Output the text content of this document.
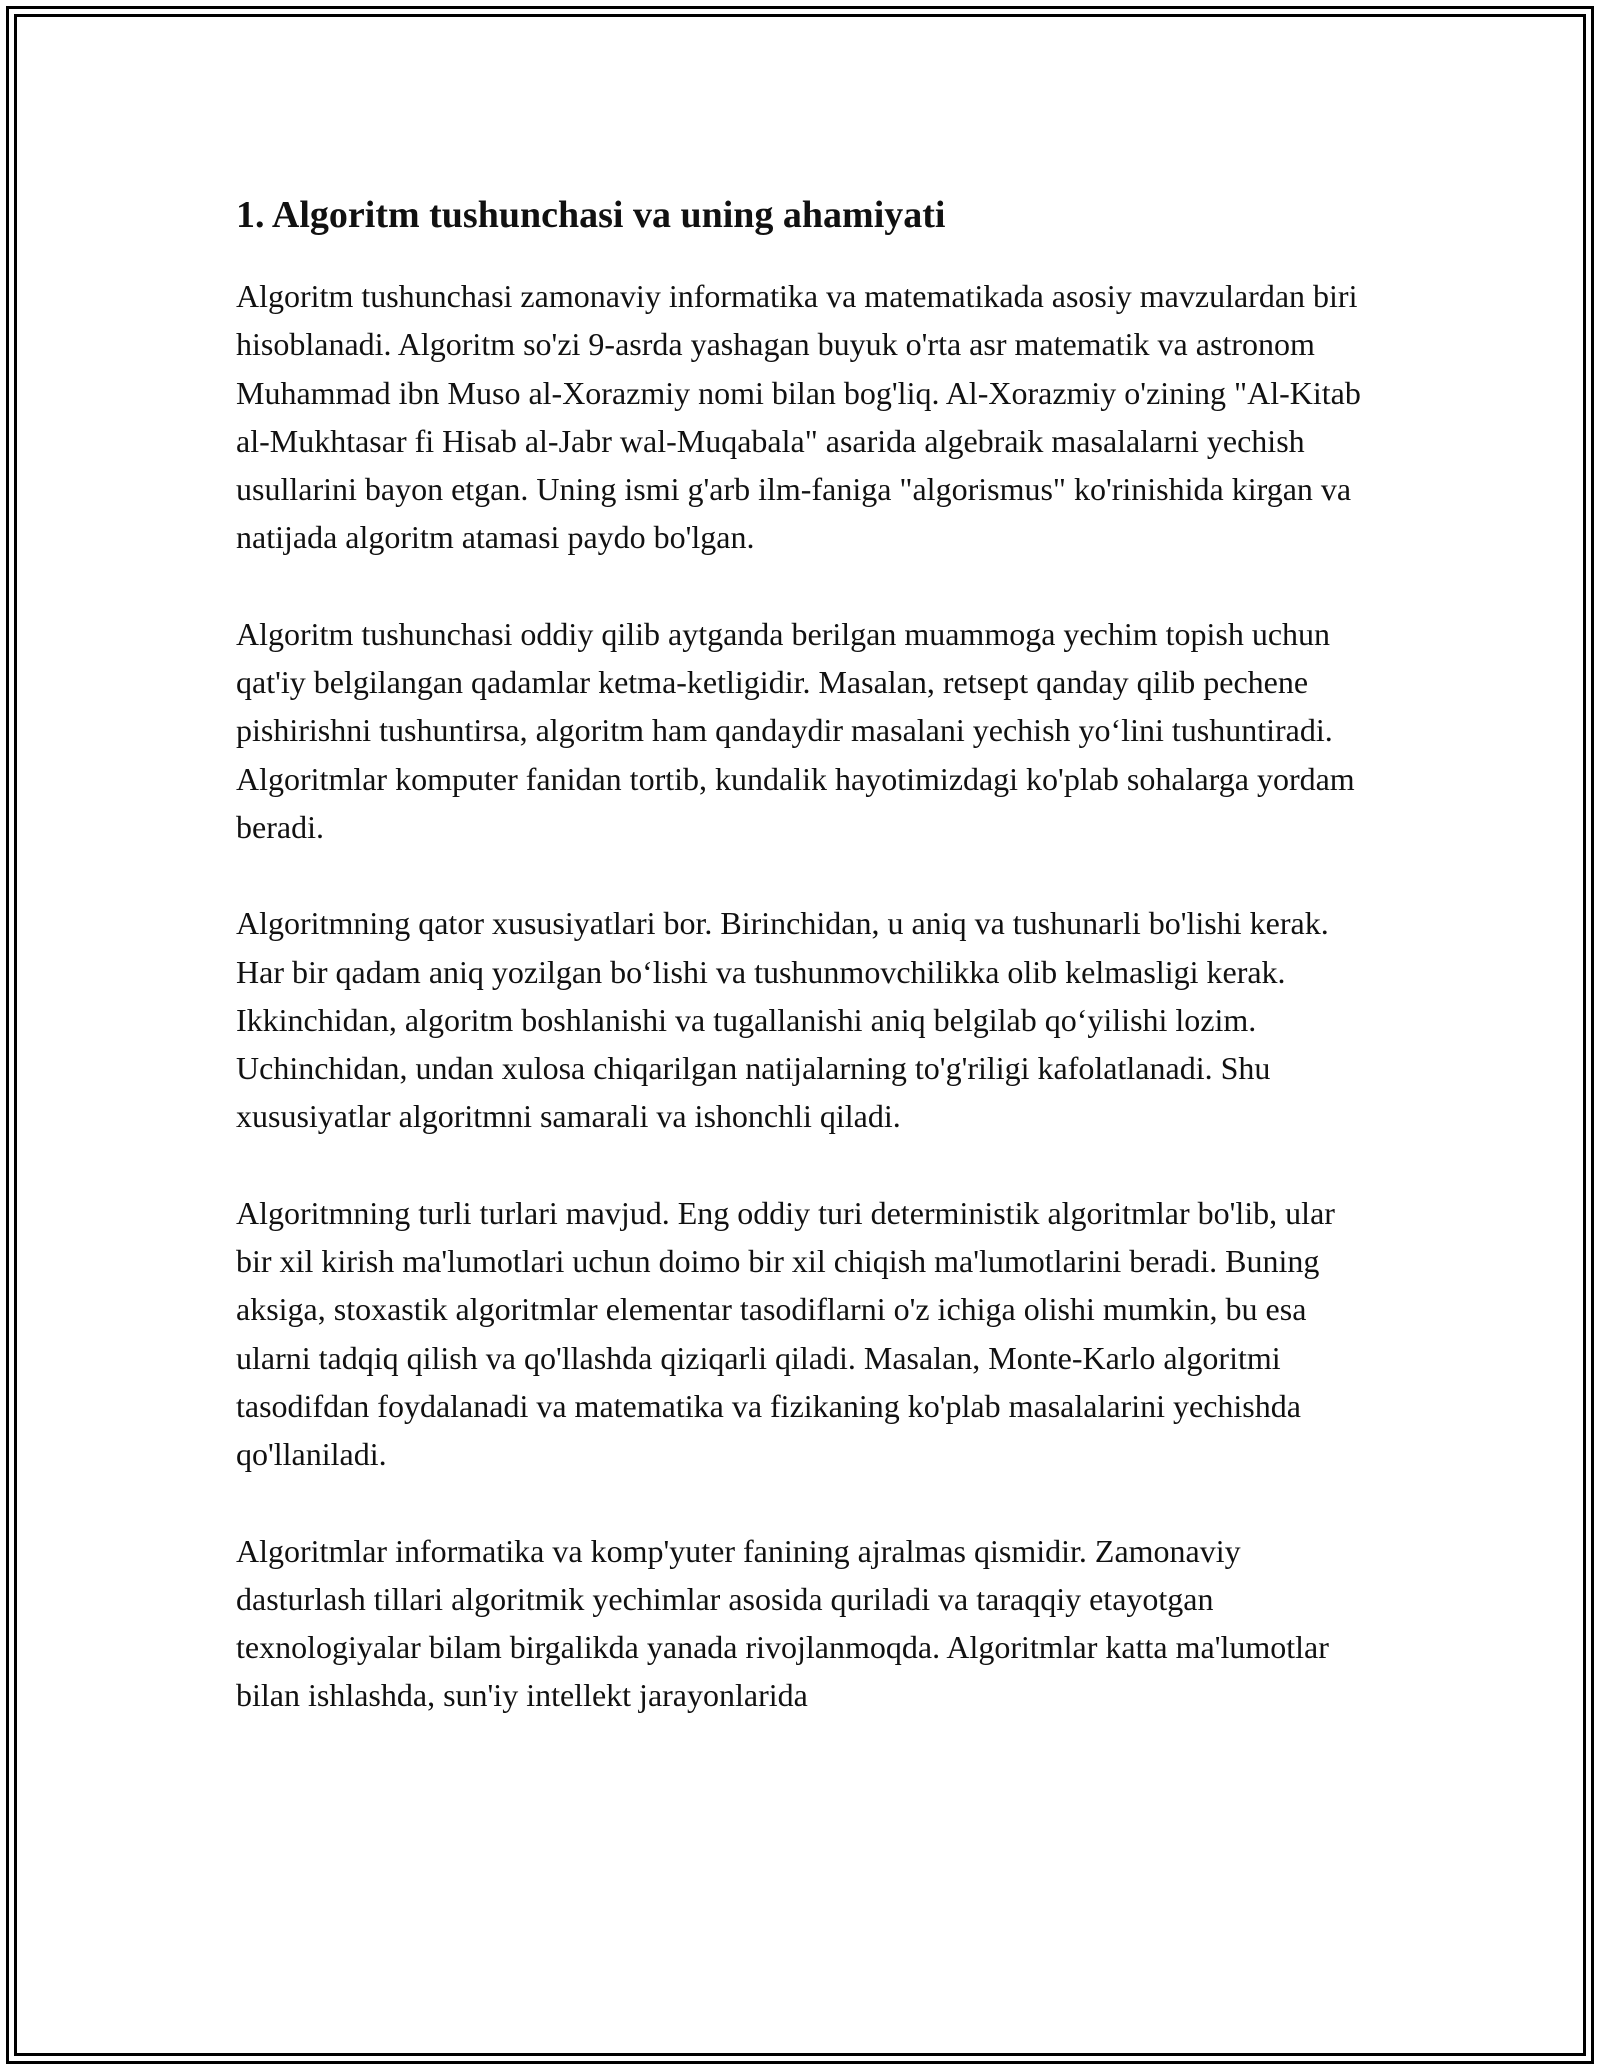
1. Algoritm tushunchasi va uning ahamiyati

Algoritm tushunchasi zamonaviy informatika va matematikada asosiy mavzulardan biri hisoblanadi. Algoritm so'zi 9-asrda yashagan buyuk o'rta asr matematik va astronom Muhammad ibn Muso al-Xorazmiy nomi bilan bog'liq. Al-Xorazmiy o'zining "Al-Kitab al-Mukhtasar fi Hisab al-Jabr wal-Muqabala" asarida algebraik masalalarni yechish usullarini bayon etgan. Uning ismi g'arb ilm-faniga "algorismus" ko'rinishida kirgan va natijada algoritm atamasi paydo bo'lgan.

Algoritm tushunchasi oddiy qilib aytganda berilgan muammoga yechim topish uchun qat'iy belgilangan qadamlar ketma-ketligidir. Masalan, retsept qanday qilib pechene pishirishni tushuntirsa, algoritm ham qandaydir masalani yechish yo‘lini tushuntiradi. Algoritmlar komputer fanidan tortib, kundalik hayotimizdagi ko'plab sohalarga yordam beradi.

Algoritmning qator xususiyatlari bor. Birinchidan, u aniq va tushunarli bo'lishi kerak. Har bir qadam aniq yozilgan bo‘lishi va tushunmovchilikka olib kelmasligi kerak. Ikkinchidan, algoritm boshlanishi va tugallanishi aniq belgilab qo‘yilishi lozim. Uchinchidan, undan xulosa chiqarilgan natijalarning to'g'riligi kafolatlanadi. Shu xususiyatlar algoritmni samarali va ishonchli qiladi.

Algoritmning turli turlari mavjud. Eng oddiy turi deterministik algoritmlar bo'lib, ular bir xil kirish ma'lumotlari uchun doimo bir xil chiqish ma'lumotlarini beradi. Buning aksiga, stoxastik algoritmlar elementar tasodiflarni o'z ichiga olishi mumkin, bu esa ularni tadqiq qilish va qo'llashda qiziqarli qiladi. Masalan, Monte-Karlo algoritmi tasodifdan foydalanadi va matematika va fizikaning ko'plab masalalarini yechishda qo'llaniladi.

Algoritmlar informatika va komp'yuter fanining ajralmas qismidir. Zamonaviy dasturlash tillari algoritmik yechimlar asosida quriladi va taraqqiy etayotgan texnologiyalar bilam birgalikda yanada rivojlanmoqda. Algoritmlar katta ma'lumotlar bilan ishlashda, sun'iy intellekt jarayonlarida
